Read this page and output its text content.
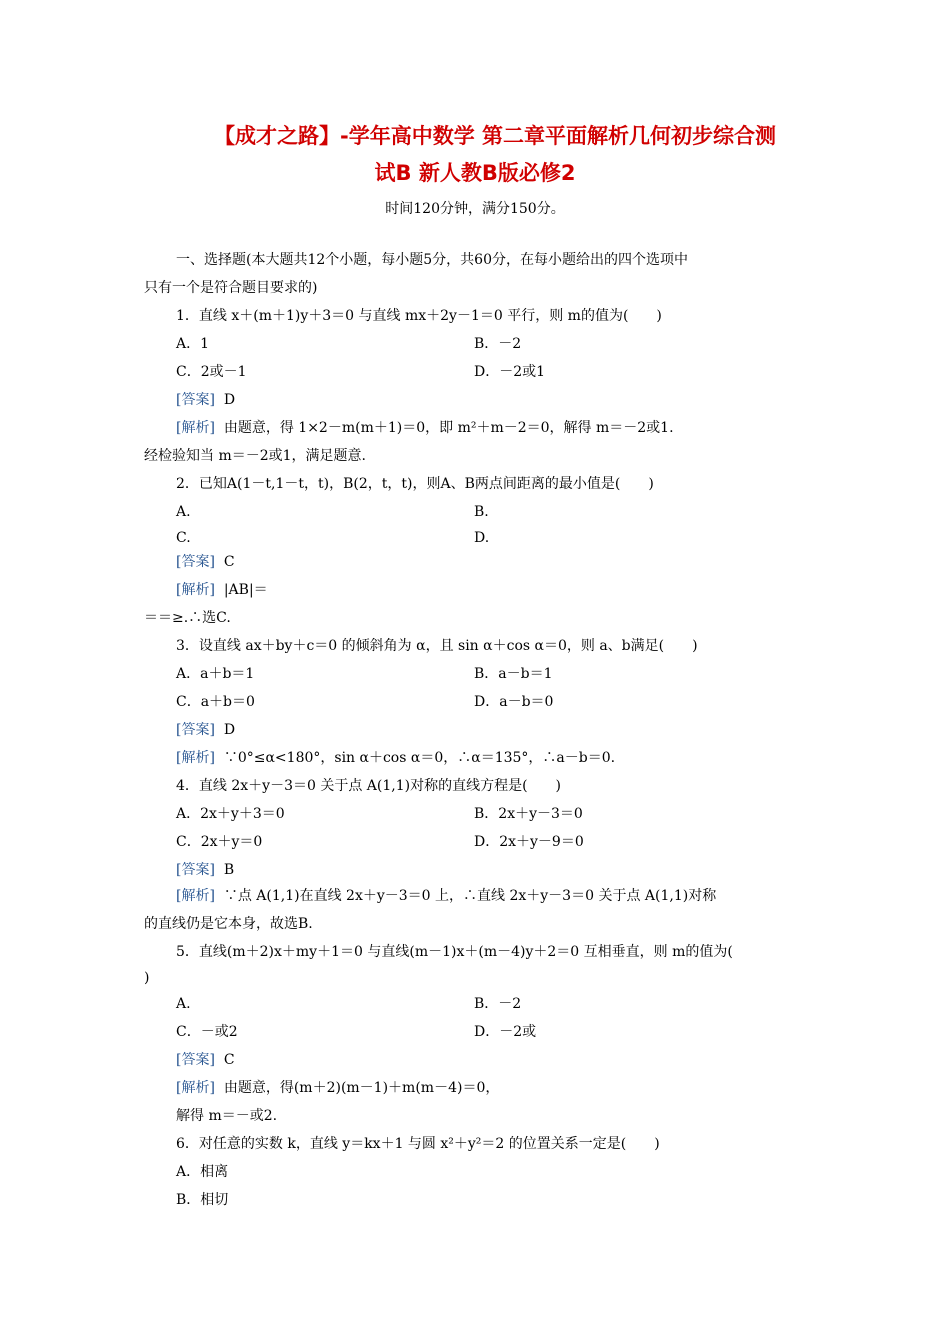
【成才之路】-学年高中数学 第二章平面解析几何初步综合测
试B 新人教B版必修2
时间120分钟，满分150分。
一、选择题(本大题共12个小题，每小题5分，共60分，在每小题给出的四个选项中
只有一个是符合题目要求的)
1．直线 x＋(m＋1)y＋3＝0 与直线 mx＋2y－1＝0 平行，则 m的值为(　　)
A．1	B．－2
C．2或－1	D．－2或1
[答案] D
[解析] 由题意，得 1×2－m(m＋1)＝0，即 m²＋m－2＝0，解得 m＝－2或1.
经检验知当 m＝－2或1，满足题意.
2．已知A(1－t,1－t，t)，B(2，t，t)，则A、B两点间距离的最小值是(　　)
A.	B.
C.	D.
[答案] C
[解析] |AB|＝
＝＝≥.∴选C.
3．设直线 ax＋by＋c＝0 的倾斜角为 α，且 sin α＋cos α＝0，则 a、b满足(　　)
A．a＋b＝1	B．a－b＝1
C．a＋b＝0	D．a－b＝0
[答案] D
[解析] ∵0°≤α<180°，sin α＋cos α＝0，∴α＝135°，∴a－b＝0.
4．直线 2x＋y－3＝0 关于点 A(1,1)对称的直线方程是(　　)
A．2x＋y＋3＝0	B．2x＋y－3＝0
C．2x＋y＝0	D．2x＋y－9＝0
[答案] B
[解析] ∵点 A(1,1)在直线 2x＋y－3＝0 上，∴直线 2x＋y－3＝0 关于点 A(1,1)对称
的直线仍是它本身，故选B.
5．直线(m＋2)x＋my＋1＝0 与直线(m－1)x＋(m－4)y＋2＝0 互相垂直，则 m的值为(
)
A.	B．－2
C．－或2	D．－2或
[答案] C
[解析] 由题意，得(m＋2)(m－1)＋m(m－4)＝0，
解得 m＝－或2.
6．对任意的实数 k，直线 y＝kx＋1 与圆 x²＋y²＝2 的位置关系一定是(　　)
A．相离
B．相切
